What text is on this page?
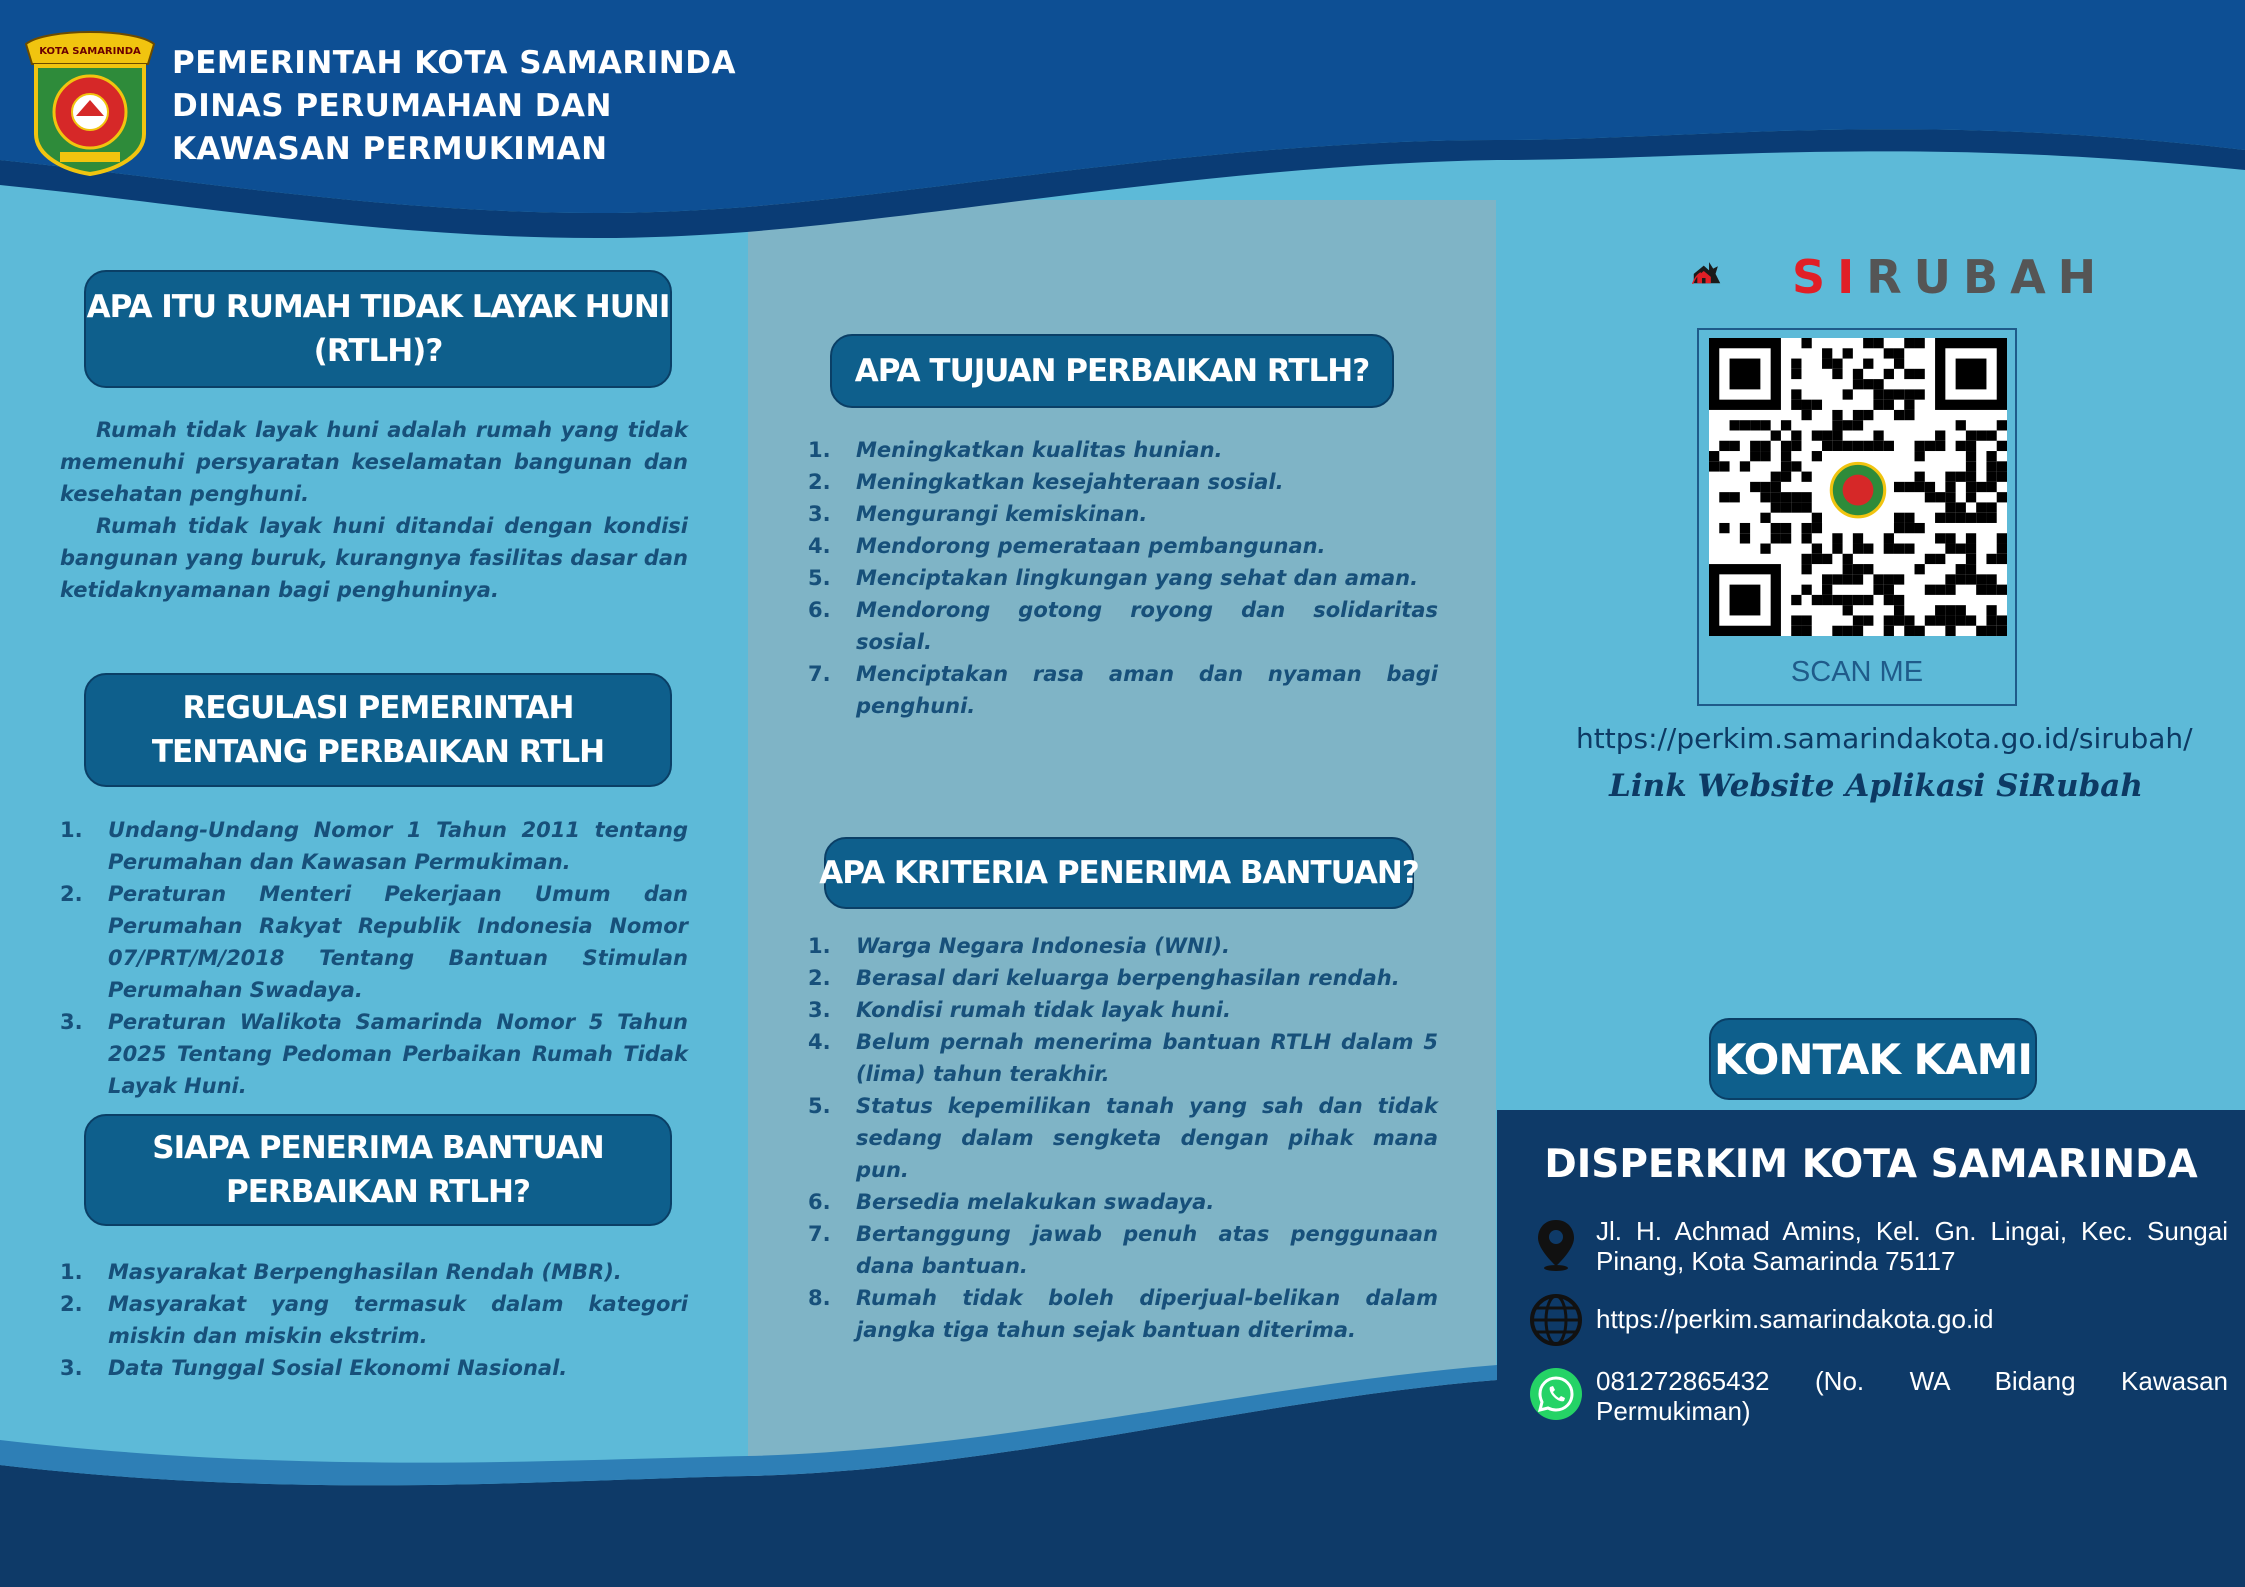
KOTA SAMARINDA PEMERINTAH KOTA SAMARINDA
DINAS PERUMAHAN DAN
KAWASAN PERMUKIMAN
APA ITU RUMAH TIDAK LAYAK HUNI
(RTLH)?

Rumah tidak layak huni adalah rumah yang tidak memenuhi persyaratan keselamatan bangunan dan kesehatan penghuni.

Rumah tidak layak huni ditandai dengan kondisi bangunan yang buruk, kurangnya fasilitas dasar dan ketidaknyamanan bagi penghuninya.

REGULASI PEMERINTAH
TENTANG PERBAIKAN RTLH
1. Undang-Undang Nomor 1 Tahun 2011 tentang Perumahan dan Kawasan Permukiman.
2. Peraturan Menteri Pekerjaan Umum dan Perumahan Rakyat Republik Indonesia Nomor 07/PRT/M/2018 Tentang Bantuan Stimulan Perumahan Swadaya.
3. Peraturan Walikota Samarinda Nomor 5 Tahun 2025 Tentang Pedoman Perbaikan Rumah Tidak Layak Huni.
SIAPA PENERIMA BANTUAN
PERBAIKAN RTLH?
1. Masyarakat Berpenghasilan Rendah (MBR).
2. Masyarakat yang termasuk dalam kategori miskin dan miskin ekstrim.
3. Data Tunggal Sosial Ekonomi Nasional.
APA TUJUAN PERBAIKAN RTLH?
1. Meningkatkan kualitas hunian.
2. Meningkatkan kesejahteraan sosial.
3. Mengurangi kemiskinan.
4. Mendorong pemerataan pembangunan.
5. Menciptakan lingkungan yang sehat dan aman.
6. Mendorong gotong royong dan solidaritas sosial.
7. Menciptakan rasa aman dan nyaman bagi penghuni.
APA KRITERIA PENERIMA BANTUAN?
1. Warga Negara Indonesia (WNI).
2. Berasal dari keluarga berpenghasilan rendah.
3. Kondisi rumah tidak layak huni.
4. Belum pernah menerima bantuan RTLH dalam 5 (lima) tahun terakhir.
5. Status kepemilikan tanah yang sah dan tidak sedang dalam sengketa dengan pihak mana pun.
6. Bersedia melakukan swadaya.
7. Bertanggung jawab penuh atas penggunaan dana bantuan.
8. Rumah tidak boleh diperjual-belikan dalam jangka tiga tahun sejak bantuan diterima.
SIRUBAH
SCAN ME
https://perkim.samarindakota.go.id/sirubah/
Link Website Aplikasi SiRubah
KONTAK KAMI
DISPERKIM KOTA SAMARINDA
Jl. H. Achmad Amins, Kel. Gn. Lingai, Kec. Sungai Pinang, Kota Samarinda 75117
https://perkim.samarindakota.go.id
081272865432 (No. WA Bidang Kawasan Permukiman)
